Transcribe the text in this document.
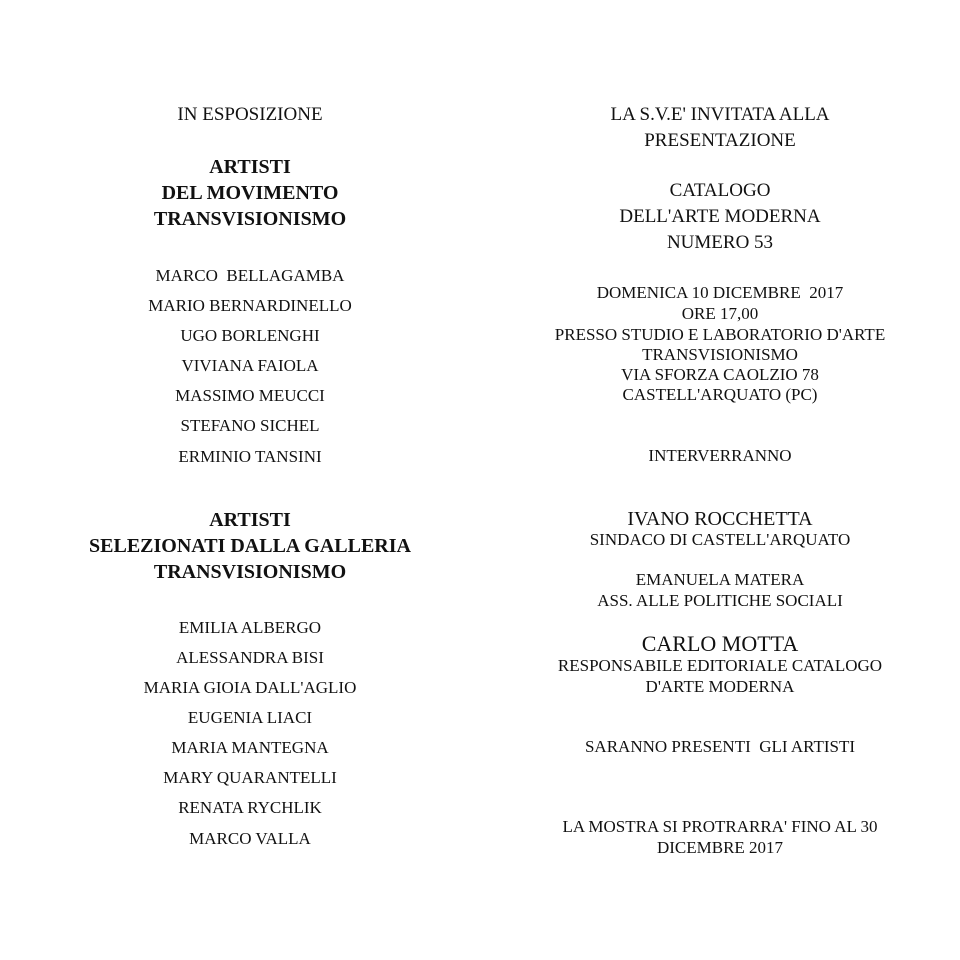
IN ESPOSIZIONE
ARTISTI
DEL MOVIMENTO
TRANSVISIONISMO
MARCO  BELLAGAMBA
MARIO BERNARDINELLO
UGO BORLENGHI
VIVIANA FAIOLA
MASSIMO MEUCCI
STEFANO SICHEL
ERMINIO TANSINI
ARTISTI
SELEZIONATI DALLA GALLERIA
TRANSVISIONISMO
EMILIA ALBERGO
ALESSANDRA BISI
MARIA GIOIA DALL'AGLIO
EUGENIA LIACI
MARIA MANTEGNA
MARY QUARANTELLI
RENATA RYCHLIK
MARCO VALLA
LA S.V.E' INVITATA ALLA
PRESENTAZIONE
CATALOGO
DELL'ARTE MODERNA
NUMERO 53
DOMENICA 10 DICEMBRE  2017
ORE 17,00
PRESSO STUDIO E LABORATORIO D'ARTE
TRANSVISIONISMO
VIA SFORZA CAOLZIO 78
CASTELL'ARQUATO (PC)
INTERVERRANNO
IVANO ROCCHETTA
SINDACO DI CASTELL'ARQUATO
EMANUELA MATERA
ASS. ALLE POLITICHE SOCIALI
CARLO MOTTA
RESPONSABILE EDITORIALE CATALOGO
D'ARTE MODERNA
SARANNO PRESENTI  GLI ARTISTI
LA MOSTRA SI PROTRARRA' FINO AL 30
DICEMBRE 2017
